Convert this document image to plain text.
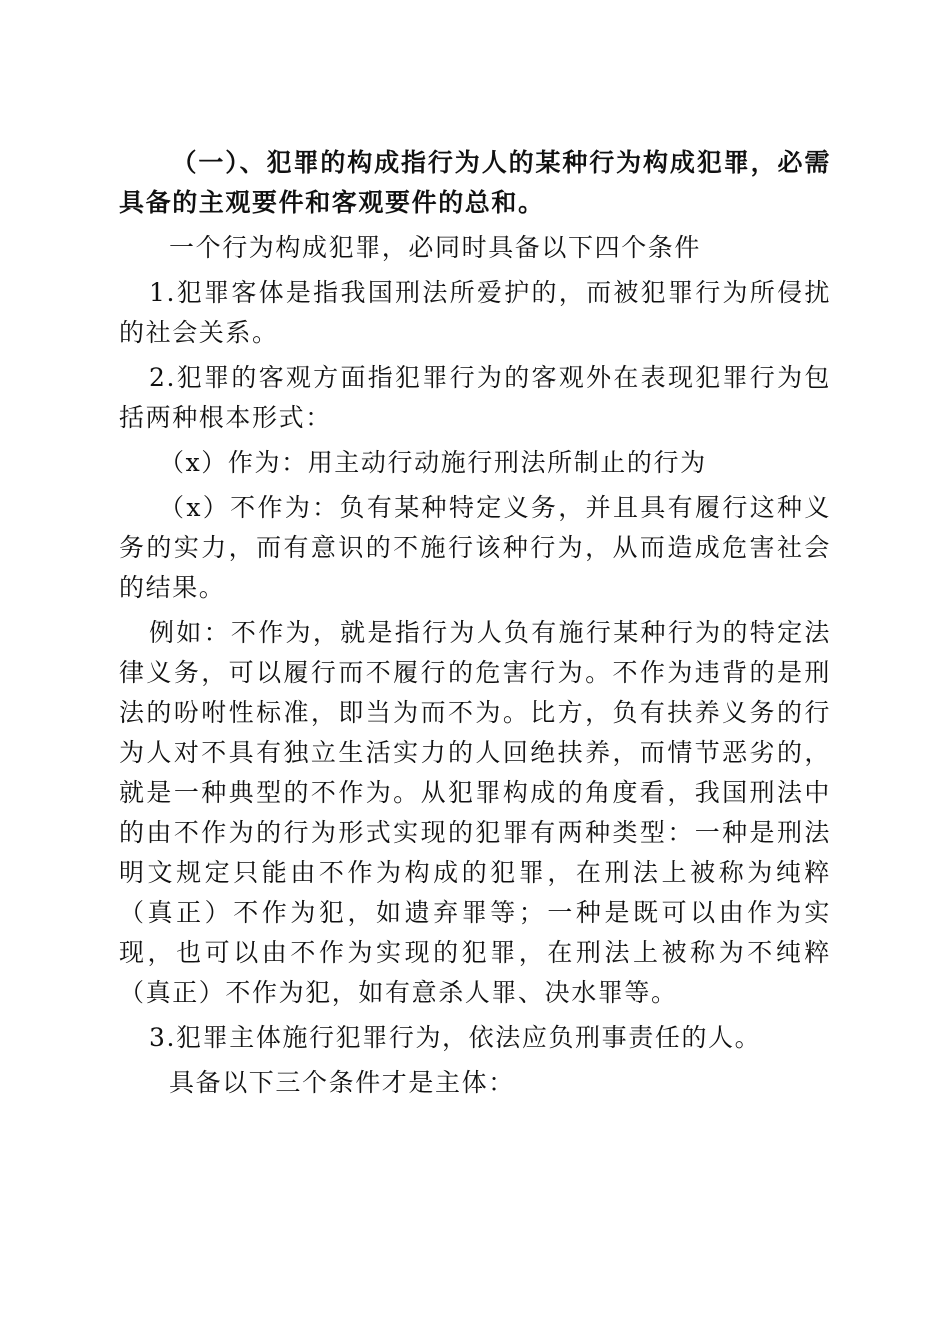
（一）、犯罪的构成指行为人的某种行为构成犯罪，必需具备的主观要件和客观要件的总和。

一个行为构成犯罪，必同时具备以下四个条件

1.犯罪客体是指我国刑法所爱护的，而被犯罪行为所侵扰的社会关系。

2.犯罪的客观方面指犯罪行为的客观外在表现犯罪行为包括两种根本形式：

（x）作为：用主动行动施行刑法所制止的行为

（x）不作为：负有某种特定义务，并且具有履行这种义务的实力，而有意识的不施行该种行为，从而造成危害社会的结果。

例如：不作为，就是指行为人负有施行某种行为的特定法律义务，可以履行而不履行的危害行为。不作为违背的是刑法的吩咐性标准，即当为而不为。比方，负有扶养义务的行为人对不具有独立生活实力的人回绝扶养，而情节恶劣的，就是一种典型的不作为。从犯罪构成的角度看，我国刑法中的由不作为的行为形式实现的犯罪有两种类型：一种是刑法明文规定只能由不作为构成的犯罪，在刑法上被称为纯粹（真正）不作为犯，如遗弃罪等；一种是既可以由作为实现，也可以由不作为实现的犯罪，在刑法上被称为不纯粹（真正）不作为犯，如有意杀人罪、决水罪等。

3.犯罪主体施行犯罪行为，依法应负刑事责任的人。

具备以下三个条件才是主体：
